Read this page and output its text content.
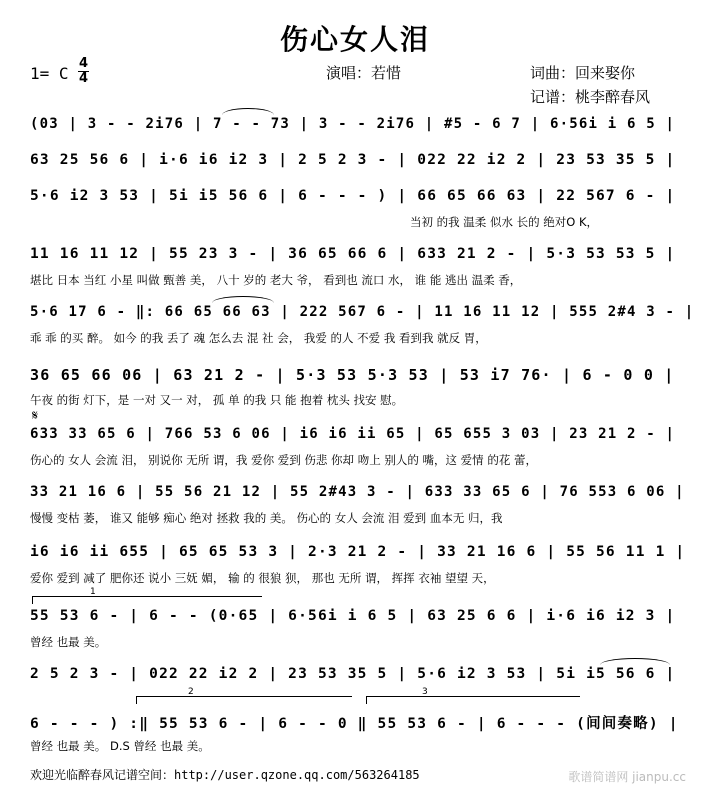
伤心女人泪
1= C
4
4	演唱：若惜	词曲：回来娶你
记谱：桃李醉春风
(03 | 3 - - 2i76 | 7 - - 73 | 3 - - 2i76 | #5 - 6 7 | 6·56i i 6 5 |
63 25 56 6 | i·6 i6 i2 3 | 2 5 2 3 - | 022 22 i2 2 | 23 53 35 5 |
5·6 i2 3 53 | 5i i5 56 6 | 6 - - - ) | 66 65 66 63 | 22 567 6 - |
当初 的我 温柔 似水 长的 绝对O K，
11 16 11 12 | 55 23 3 - | 36 65 66 6 | 633 21 2 - | 5·3 53 53 5 |
堪比 日本 当红 小星 叫做 甄善 美， 八十 岁的 老大 爷， 看到也 流口 水， 谁 能 逃出 温柔 香，
5·6 17 6 - ‖: 66 65 66 63 | 222 567 6 - | 11 16 11 12 | 555 2#4 3 - |
乖 乖 的买 醉。 如今 的我 丢了 魂 怎么去 混 社 会， 我爱 的人 不爱 我 看到我 就反 胃，
36 65 66 06 | 63 21 2 - | 5·3 53 5·3 53 | 53 i7 76· | 6 - 0 0 |
午夜 的街 灯下，是 一对 又一 对， 孤 单 的我 只 能 抱着 枕头 找安 慰。
𝄋
633 33 65 6 | 766 53 6 06 | i6 i6 ii 65 | 65 655 3 03 | 23 21 2 - |
伤心的 女人 会流 泪， 别说你 无所 谓，我 爱你 爱到 伤悲 你却 吻上 别人的 嘴，这 爱情 的花 蕾，
33 21 16 6 | 55 56 21 12 | 55 2#43 3 - | 633 33 65 6 | 76 553 6 06 |
慢慢 变枯 萎， 谁又 能够 痴心 绝对 拯救 我的 美。 伤心的 女人 会流 泪 爱到 血本无 归，我
i6 i6 ii 655 | 65 65 53 3 | 2·3 21 2 - | 33 21 16 6 | 55 56 11 1 |
爱你 爱到 减了 肥你还 说小 三妩 媚， 输 的 很狼 狈， 那也 无所 谓， 挥挥 衣袖 望望 天，
1
55 53 6 - | 6 - - (0·65 | 6·56i i 6 5 | 63 25 6 6 | i·6 i6 i2 3 |
曾经 也最 美。
2 5 2 3 - | 022 22 i2 2 | 23 53 35 5 | 5·6 i2 3 53 | 5i i5 56 6 |
2	3
6 - - - ) :‖ 55 53 6 - | 6 - - 0 ‖ 55 53 6 - | 6 - - - (间间奏略) |
曾经 也最 美。 D.S 曾经 也最 美。
欢迎光临醉春风记谱空间：http://user.qzone.qq.com/563264185	歌谱简谱网 jianpu.cc
